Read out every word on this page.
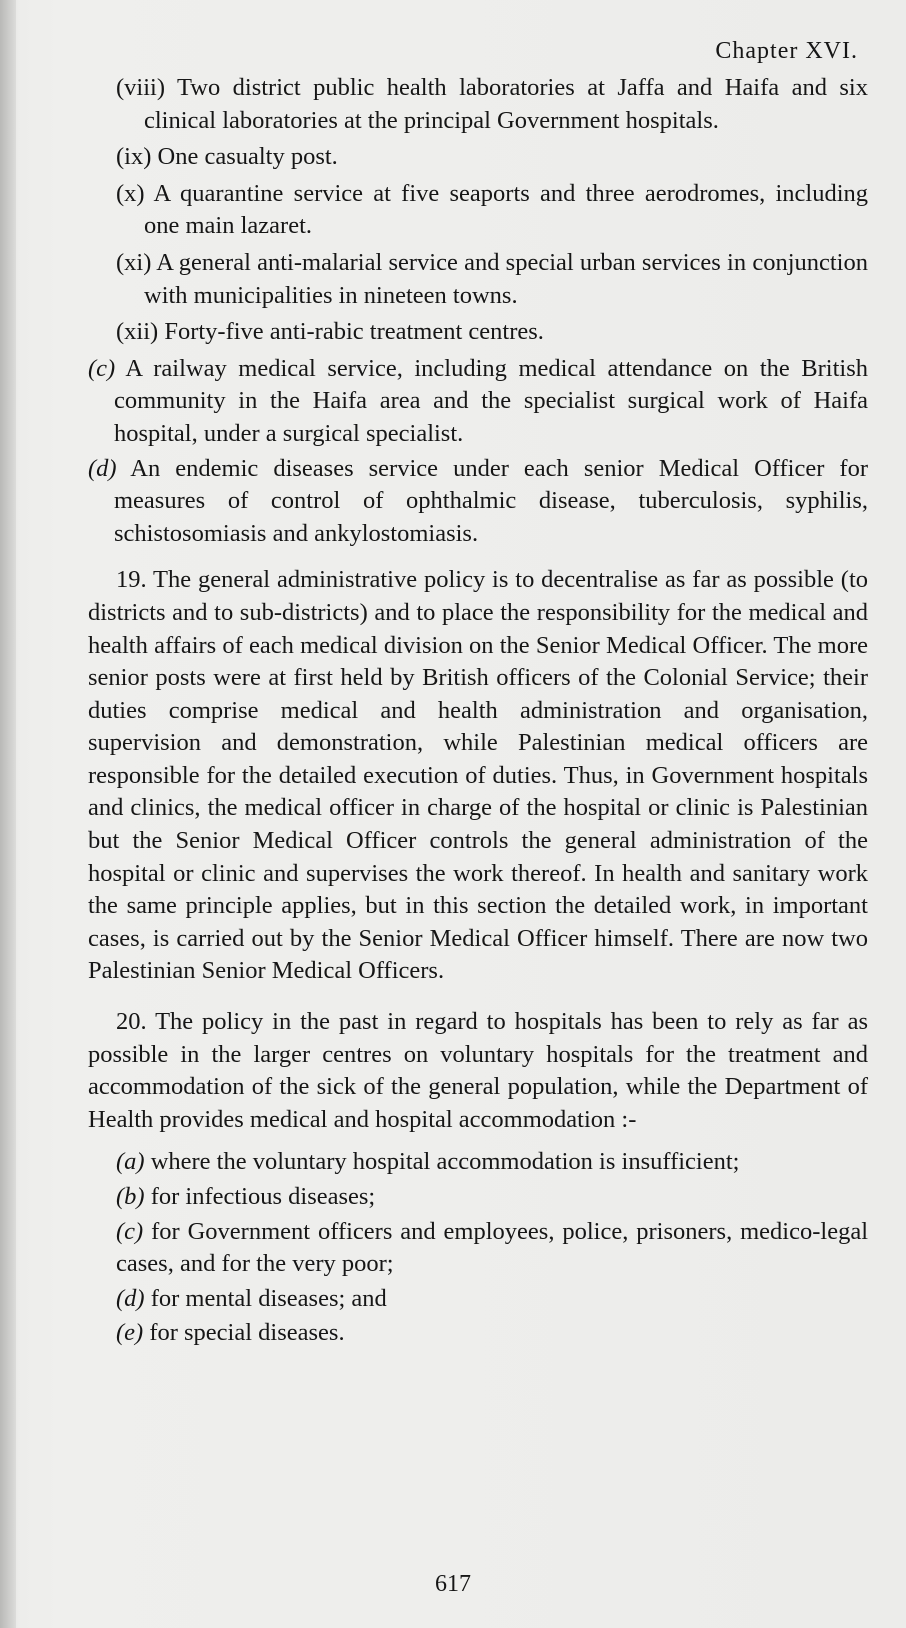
Chapter XVI.
(viii) Two district public health laboratories at Jaffa and Haifa and six clinical laboratories at the principal Government hospitals.
(ix) One casualty post.
(x) A quarantine service at five seaports and three aerodromes, including one main lazaret.
(xi) A general anti-malarial service and special urban services in conjunction with municipalities in nineteen towns.
(xii) Forty-five anti-rabic treatment centres.
(c) A railway medical service, including medical attendance on the British community in the Haifa area and the specialist surgical work of Haifa hospital, under a surgical specialist.
(d) An endemic diseases service under each senior Medical Officer for measures of control of ophthalmic disease, tuberculosis, syphilis, schistosomiasis and ankylostomiasis.

19. The general administrative policy is to decentralise as far as possible (to districts and to sub-districts) and to place the responsibility for the medical and health affairs of each medical division on the Senior Medical Officer. The more senior posts were at first held by British officers of the Colonial Service; their duties comprise medical and health administration and organisation, supervision and demonstration, while Palestinian medical officers are responsible for the detailed execution of duties. Thus, in Government hospitals and clinics, the medical officer in charge of the hospital or clinic is Palestinian but the Senior Medical Officer controls the general administration of the hospital or clinic and supervises the work thereof. In health and sanitary work the same principle applies, but in this section the detailed work, in important cases, is carried out by the Senior Medical Officer himself. There are now two Palestinian Senior Medical Officers.

20. The policy in the past in regard to hospitals has been to rely as far as possible in the larger centres on voluntary hospitals for the treatment and accommodation of the sick of the general population, while the Department of Health provides medical and hospital accommodation :-

(a) where the voluntary hospital accommodation is insufficient;
(b) for infectious diseases;
(c) for Government officers and employees, police, prisoners, medico-legal cases, and for the very poor;
(d) for mental diseases; and
(e) for special diseases.
617
